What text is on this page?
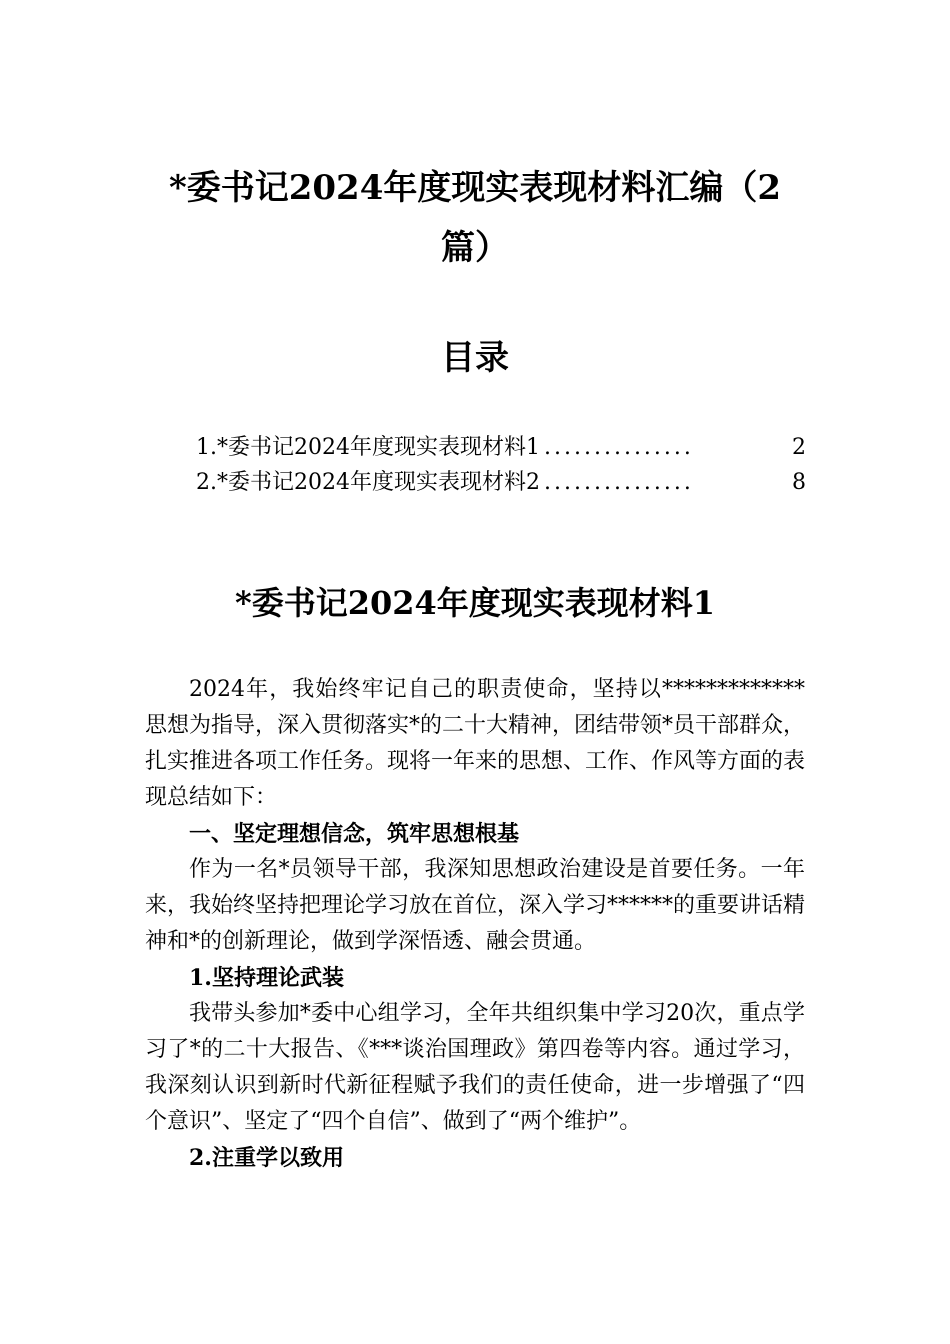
*委书记2024年度现实表现材料汇编（2篇）
目录
1. *委书记2024年度现实表现材料1 ...............	2
2. *委书记2024年度现实表现材料2 ...............	8
*委书记2024年度现实表现材料1

2024年，我始终牢记自己的职责使命，坚持以*************思想为指导，深入贯彻落实*的二十大精神，团结带领*员干部群众，扎实推进各项工作任务。现将一年来的思想、工作、作风等方面的表现总结如下：

一、坚定理想信念，筑牢思想根基

作为一名*员领导干部，我深知思想政治建设是首要任务。一年来，我始终坚持把理论学习放在首位，深入学习******的重要讲话精神和*的创新理论，做到学深悟透、融会贯通。

1.坚持理论武装

我带头参加*委中心组学习，全年共组织集中学习20次，重点学习了*的二十大报告、《***谈治国理政》第四卷等内容。通过学习，我深刻认识到新时代新征程赋予我们的责任使命，进一步增强了“四个意识”、坚定了“四个自信”、做到了“两个维护”。

2.注重学以致用
